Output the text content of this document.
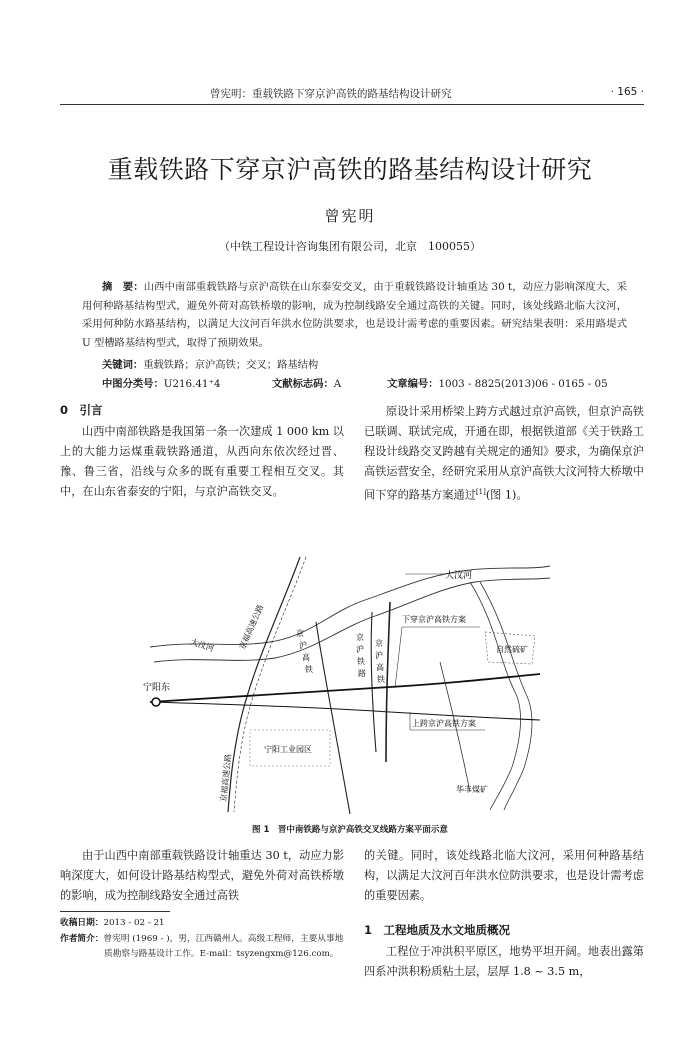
曾宪明：重载铁路下穿京沪高铁的路基结构设计研究	· 165 ·
重载铁路下穿京沪高铁的路基结构设计研究
曾宪明
（中铁工程设计咨询集团有限公司，北京　100055）
摘　要：山西中南部重载铁路与京沪高铁在山东泰安交叉，由于重载铁路设计轴重达 30 t，动应力影响深度大，采用何种路基结构型式，避免外荷对高铁桥墩的影响，成为控制线路安全通过高铁的关键。同时，该处线路北临大汶河，采用何种防水路基结构，以满足大汶河百年洪水位防洪要求，也是设计需考虑的重要因素。研究结果表明：采用路堤式 U 型槽路基结构型式，取得了预期效果。
关键词：重载铁路；京沪高铁；交叉；路基结构
中图分类号：U216.41⁺4	文献标志码：A	文章编号：1003 - 8825(2013)06 - 0165 - 05
0　引言
山西中南部铁路是我国第一条一次建成 1 000 km 以上的大能力运煤重载铁路通道，从西向东依次经过晋、豫、鲁三省，沿线与众多的既有重要工程相互交叉。其中，在山东省泰安的宁阳，与京沪高铁交叉。
原设计采用桥梁上跨方式越过京沪高铁，但京沪高铁已联调、联试完成，开通在即，根据铁道部《关于铁路工程设计线路交叉跨越有关规定的通知》要求，为确保京沪高铁运营安全，经研究采用从京沪高铁大汶河特大桥墩中间下穿的路基方案通过[1](图 1)。
大汶河
大汶河	京福高速公路
京福高速公路
下穿京沪高铁方案
上跨京沪高铁方案
自然硫矿
宁阳东
宁阳工业园区
华丰煤矿
京
沪
高
铁
京
沪
铁
路
京
沪
高
铁
图 1　晋中南铁路与京沪高铁交叉线路方案平面示意
由于山西中南部重载铁路设计轴重达 30 t，动应力影响深度大，如何设计路基结构型式，避免外荷对高铁桥墩的影响，成为控制线路安全通过高铁
的关键。同时，该处线路北临大汶河，采用何种路基结构，以满足大汶河百年洪水位防洪要求，也是设计需考虑的重要因素。
1　工程地质及水文地质概况
工程位于冲洪积平原区，地势平坦开阔。地表出露第四系冲洪积粉质粘土层，层厚 1.8 ~ 3.5 m，
收稿日期：2013 - 02 - 21
作者简介：曾宪明 (1969 - )，男，江西赣州人。高级工程师，主要从事地质勘察与路基设计工作。E-mail：tsyzengxm@126.com。
